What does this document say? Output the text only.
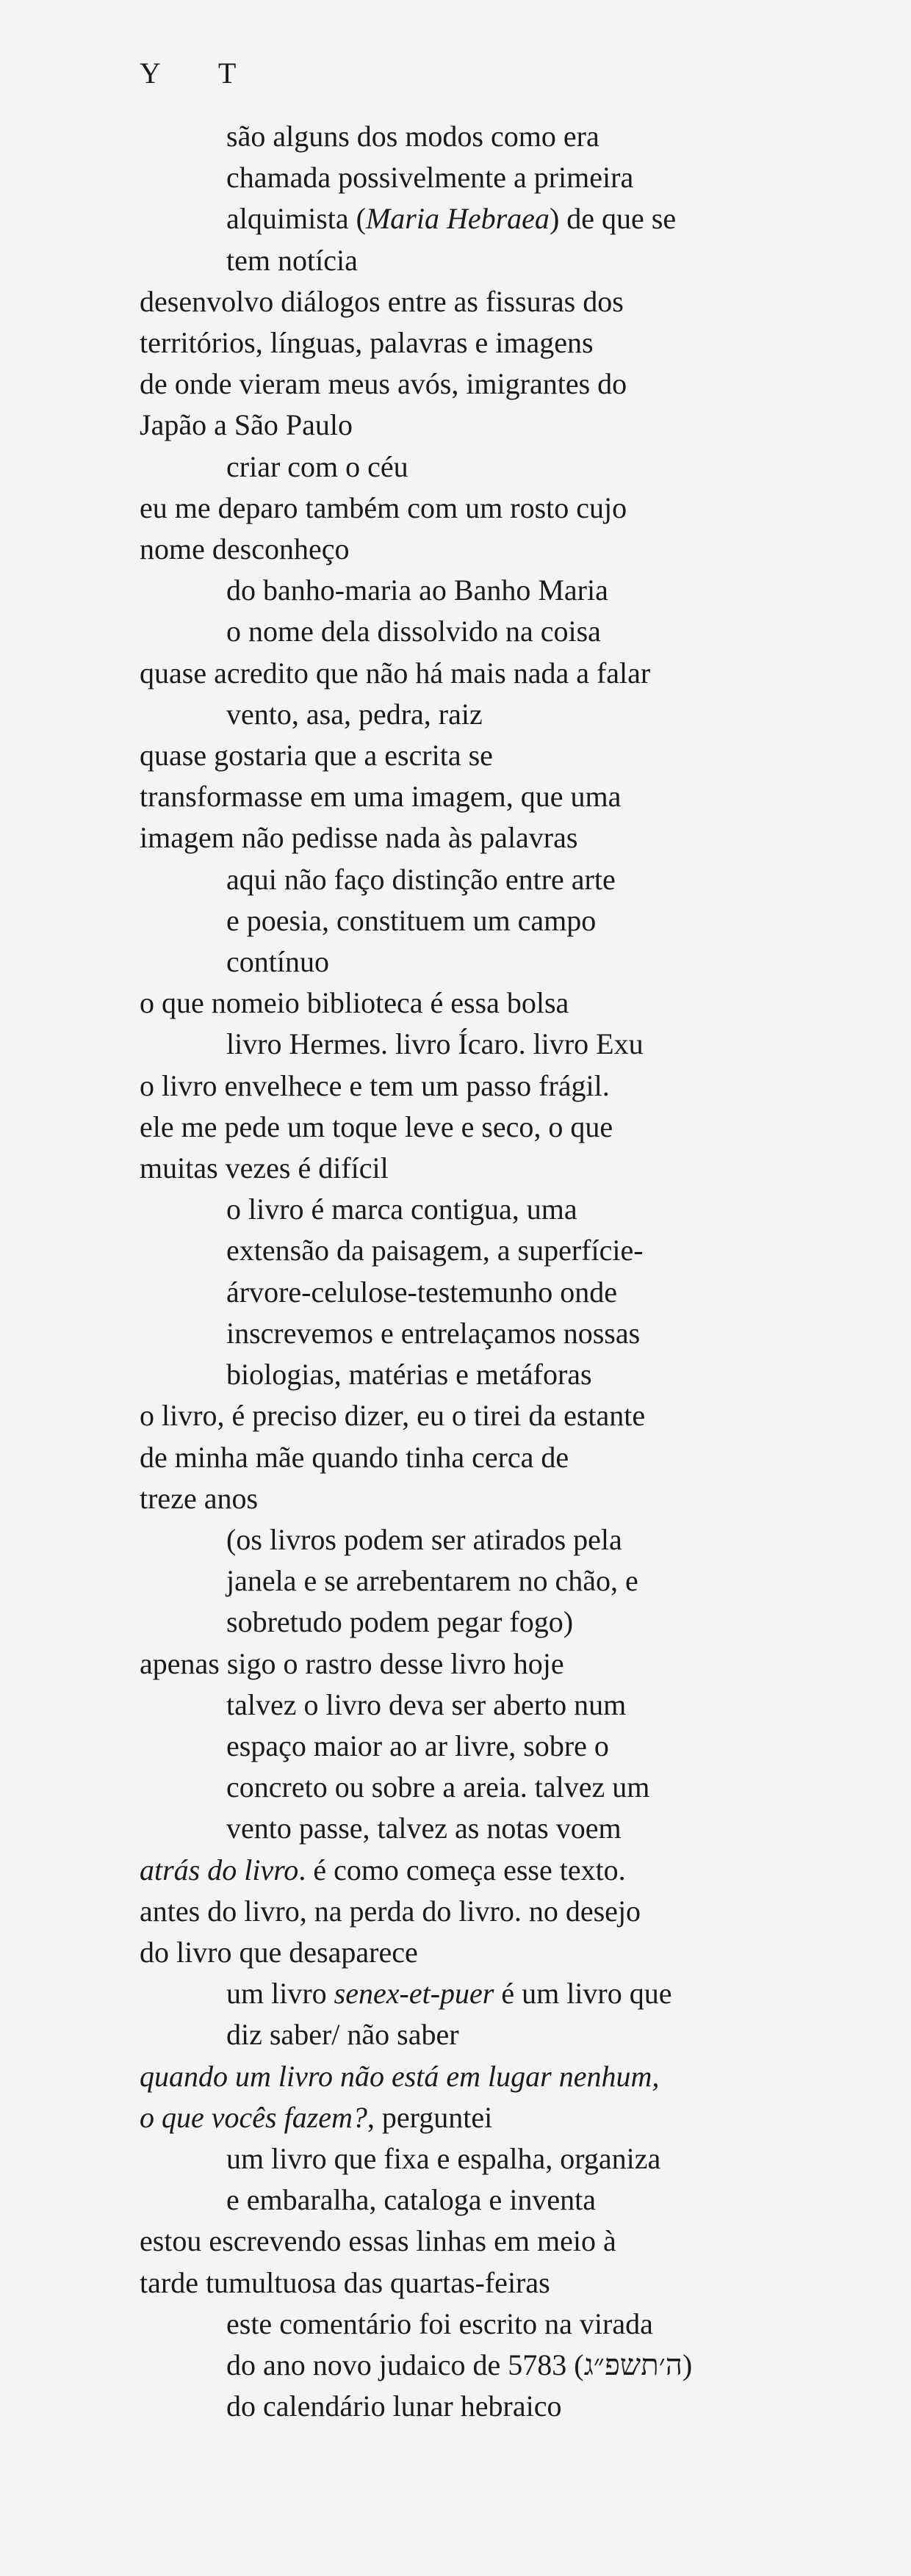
Y T

são alguns dos modos como era

chamada possivelmente a primeira

alquimista (Maria Hebraea) de que se

tem notícia

desenvolvo diálogos entre as fissuras dos

territórios, línguas, palavras e imagens

de onde vieram meus avós, imigrantes do

Japão a São Paulo

criar com o céu

eu me deparo também com um rosto cujo

nome desconheço

do banho-maria ao Banho Maria

o nome dela dissolvido na coisa

quase acredito que não há mais nada a falar

vento, asa, pedra, raiz

quase gostaria que a escrita se

transformasse em uma imagem, que uma

imagem não pedisse nada às palavras

aqui não faço distinção entre arte

e poesia, constituem um campo

contínuo

o que nomeio biblioteca é essa bolsa

livro Hermes. livro Ícaro. livro Exu

o livro envelhece e tem um passo frágil.

ele me pede um toque leve e seco, o que

muitas vezes é difícil

o livro é marca contigua, uma

extensão da paisagem, a superfície-

árvore-celulose-testemunho onde

inscrevemos e entrelaçamos nossas

biologias, matérias e metáforas

o livro, é preciso dizer, eu o tirei da estante

de minha mãe quando tinha cerca de

treze anos

(os livros podem ser atirados pela

janela e se arrebentarem no chão, e

sobretudo podem pegar fogo)

apenas sigo o rastro desse livro hoje

talvez o livro deva ser aberto num

espaço maior ao ar livre, sobre o

concreto ou sobre a areia. talvez um

vento passe, talvez as notas voem

atrás do livro. é como começa esse texto.

antes do livro, na perda do livro. no desejo

do livro que desaparece

um livro senex-et-puer é um livro que

diz saber/ não saber

quando um livro não está em lugar nenhum,

o que vocês fazem?, perguntei

um livro que fixa e espalha, organiza

e embaralha, cataloga e inventa

estou escrevendo essas linhas em meio à

tarde tumultuosa das quartas-feiras

este comentário foi escrito na virada

do ano novo judaico de 5783 (ה׳תשפ״ג)

do calendário lunar hebraico
